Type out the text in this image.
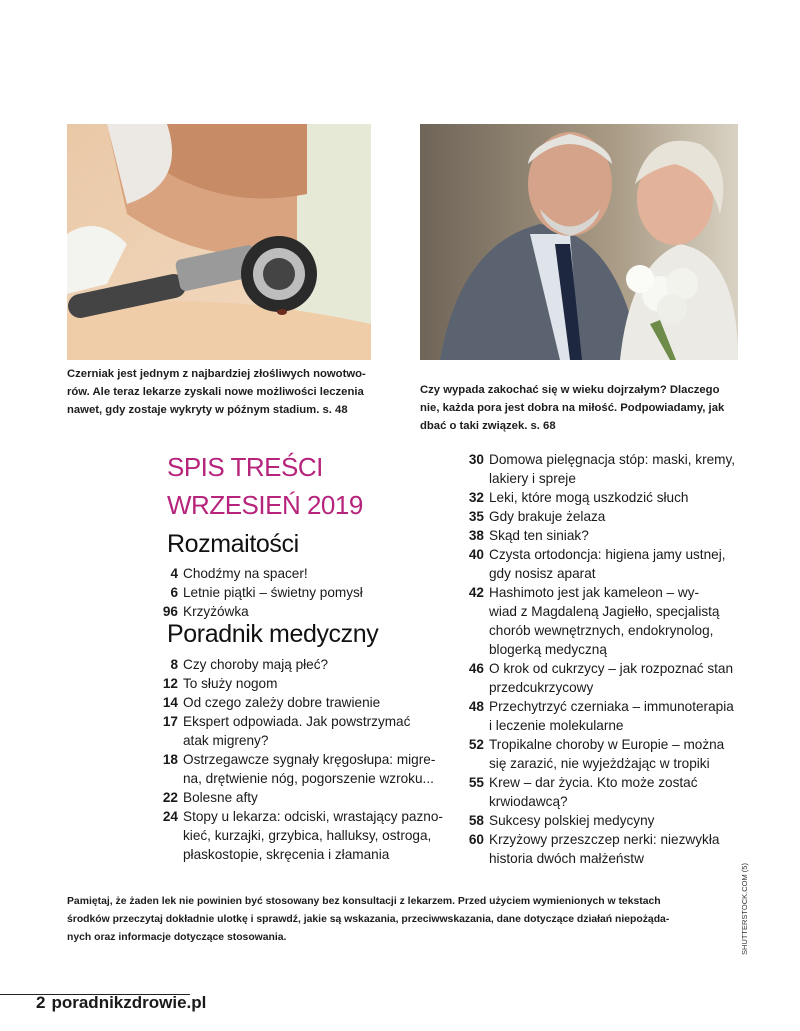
Czerniak jest jednym z najbardziej złośliwych nowotwo-
rów. Ale teraz lekarze zyskali nowe możliwości leczenia
nawet, gdy zostaje wykryty w późnym stadium. s. 48
Czy wypada zakochać się w wieku dojrzałym? Dlaczego
nie, każda pora jest dobra na miłość. Podpowiadamy, jak
dbać o taki związek. s. 68
SPIS TREŚCI
WRZESIEŃ 2019
Rozmaitości
4 Chodźmy na spacer!
6 Letnie piątki – świetny pomysł
96 Krzyżówka
Poradnik medyczny
8 Czy choroby mają płeć?
12 To służy nogom
14 Od czego zależy dobre trawienie
17 Ekspert odpowiada. Jak powstrzymać
atak migreny?
18 Ostrzegawcze sygnały kręgosłupa: migre-
na, drętwienie nóg, pogorszenie wzroku...
22 Bolesne afty
24 Stopy u lekarza: odciski, wrastający pazno-
kieć, kurzajki, grzybica, halluksy, ostroga,
płaskostopie, skręcenia i złamania
30 Domowa pielęgnacja stóp: maski, kremy,
lakiery i spreje
32 Leki, które mogą uszkodzić słuch
35 Gdy brakuje żelaza
38 Skąd ten siniak?
40 Czysta ortodoncja: higiena jamy ustnej,
gdy nosisz aparat
42 Hashimoto jest jak kameleon – wy-
wiad z Magdaleną Jagiełło, specjalistą
chorób wewnętrznych, endokrynolog,
blogerką medyczną
46 O krok od cukrzycy – jak rozpoznać stan
przedcukrzycowy
48 Przechytrzyć czerniaka – immunoterapia
i leczenie molekularne
52 Tropikalne choroby w Europie – można
się zarazić, nie wyjeżdżając w tropiki
55 Krew – dar życia. Kto może zostać
krwiodawcą?
58 Sukcesy polskiej medycyny
60 Krzyżowy przeszczep nerki: niezwykła
historia dwóch małżeństw
Pamiętaj, że żaden lek nie powinien być stosowany bez konsultacji z lekarzem. Przed użyciem wymienionych w tekstach
środków przeczytaj dokładnie ulotkę i sprawdź, jakie są wskazania, przeciwwskazania, dane dotyczące działań niepożąda-
nych oraz informacje dotyczące stosowania.	SHUTTERSTOCK.COM (5)
2 poradnikzdrowie.pl
